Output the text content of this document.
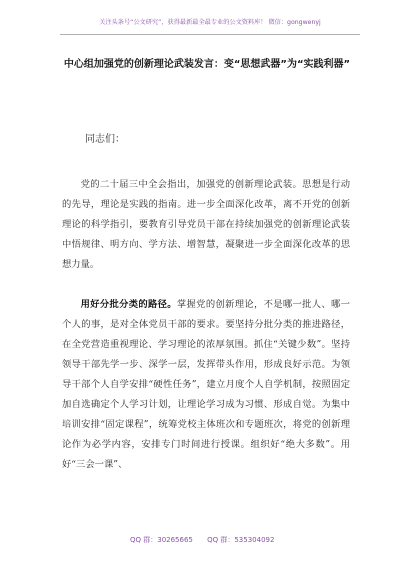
关注头条号“公文研究”，获得最新最全最专业的公文资料库！ 微信：gongwenyj
中心组加强党的创新理论武装发言：变“思想武器”为“实践利器”
同志们：

党的二十届三中全会指出，加强党的创新理论武装。思想是行动的先导，理论是实践的指南。进一步全面深化改革，离不开党的创新理论的科学指引，要教育引导党员干部在持续加强党的创新理论武装中悟规律、明方向、学方法、增智慧，凝聚进一步全面深化改革的思想力量。

用好分批分类的路径。掌握党的创新理论，不是哪一批人、哪一个人的事，是对全体党员干部的要求。要坚持分批分类的推进路径，在全党营造重视理论、学习理论的浓厚氛围。抓住“关键少数”。坚持领导干部先学一步、深学一层，发挥带头作用，形成良好示范。为领导干部个人自学安排“硬性任务”，建立月度个人自学机制，按照固定加自选确定个人学习计划，让理论学习成为习惯、形成自觉。为集中培训安排“固定课程”，统筹党校主体班次和专题班次，将党的创新理论作为必学内容，安排专门时间进行授课。组织好“绝大多数”。用好“三会一课”、

QQ 群：30265665 QQ 群：535304092
